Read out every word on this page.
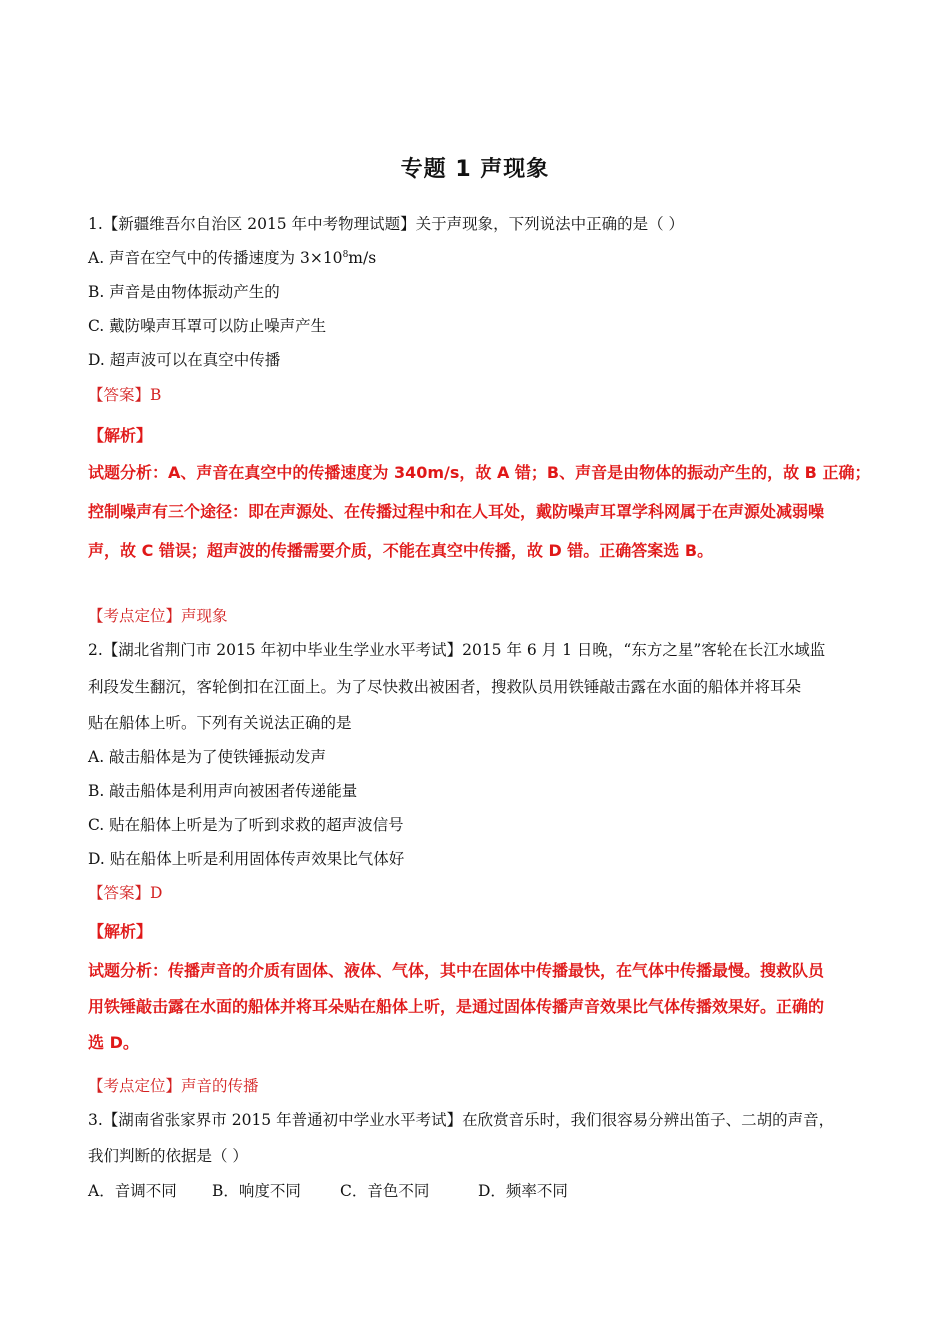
专题 1 声现象
1.【新疆维吾尔自治区 2015 年中考物理试题】关于声现象，下列说法中正确的是（ ）
A. 声音在空气中的传播速度为 $3\times 10^8m/s$
B. 声音是由物体振动产生的
C. 戴防噪声耳罩可以防止噪声产生
D. 超声波可以在真空中传播
【答案】B
【解析】
试题分析：A、声音在真空中的传播速度为 340m/s，故 A 错；B、声音是由物体的振动产生的，故 B 正确；
控制噪声有三个途径：即在声源处、在传播过程中和在人耳处，戴防噪声耳罩学科网属于在声源处减弱噪
声，故 C 错误；超声波的传播需要介质，不能在真空中传播，故 D 错。正确答案选 B。
【考点定位】声现象
2.【湖北省荆门市 2015 年初中毕业生学业水平考试】2015 年 6 月 1 日晚，“东方之星”客轮在长江水域监
利段发生翻沉，客轮倒扣在江面上。为了尽快救出被困者，搜救队员用铁锤敲击露在水面的船体并将耳朵
贴在船体上听。下列有关说法正确的是
A. 敲击船体是为了使铁锤振动发声
B. 敲击船体是利用声向被困者传递能量
C. 贴在船体上听是为了听到求救的超声波信号
D. 贴在船体上听是利用固体传声效果比气体好
【答案】D
【解析】
试题分析：传播声音的介质有固体、液体、气体，其中在固体中传播最快，在气体中传播最慢。搜救队员
用铁锤敲击露在水面的船体并将耳朵贴在船体上听，是通过固体传播声音效果比气体传播效果好。正确的
选 D。
【考点定位】声音的传播
3.【湖南省张家界市 2015 年普通初中学业水平考试】在欣赏音乐时，我们很容易分辨出笛子、二胡的声音，
我们判断的依据是（ ）
A．音调不同 B．响度不同	C．音色不同	D．频率不同
